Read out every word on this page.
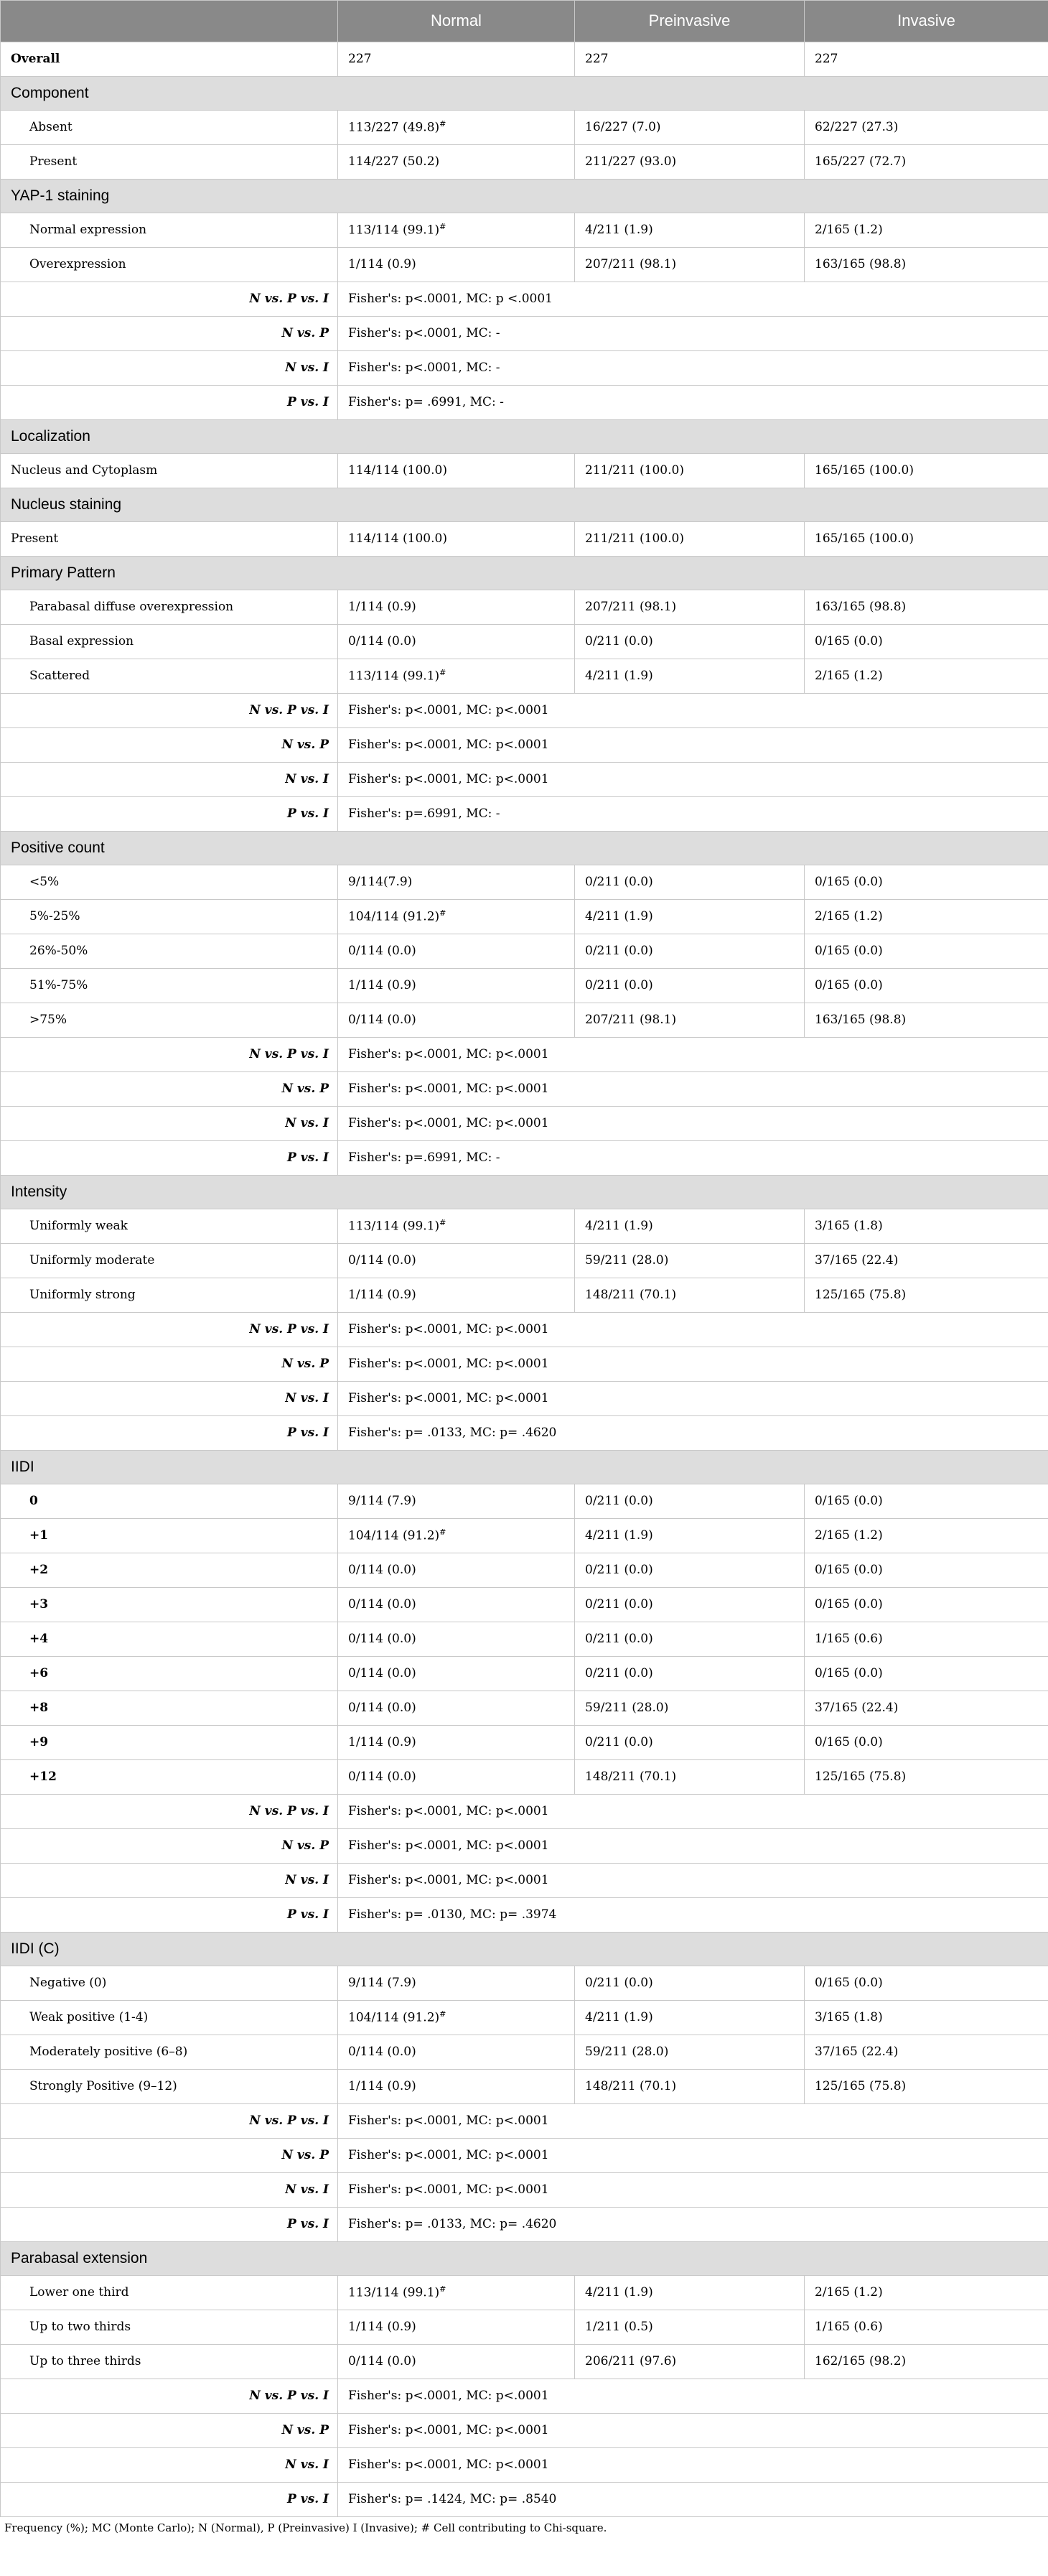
	Normal	Preinvasive	Invasive
Overall	227	227	227
Component			
Absent	113/227 (49.8)#	16/227 (7.0)	62/227 (27.3)
Present	114/227 (50.2)	211/227 (93.0)	165/227 (72.7)
YAP-1 staining			
Normal expression	113/114 (99.1)#	4/211 (1.9)	2/165 (1.2)
Overexpression	1/114 (0.9)	207/211 (98.1)	163/165 (98.8)
N vs. P vs. I	Fisher's: p<.0001, MC: p <.0001		
N vs. P	Fisher's: p<.0001, MC: -		
N vs. I	Fisher's: p<.0001, MC: -		
P vs. I	Fisher's: p= .6991, MC: -		
Localization			
Nucleus and Cytoplasm	114/114 (100.0)	211/211 (100.0)	165/165 (100.0)
Nucleus staining			
Present	114/114 (100.0)	211/211 (100.0)	165/165 (100.0)
Primary Pattern			
Parabasal diffuse overexpression	1/114 (0.9)	207/211 (98.1)	163/165 (98.8)
Basal expression	0/114 (0.0)	0/211 (0.0)	0/165 (0.0)
Scattered	113/114 (99.1)#	4/211 (1.9)	2/165 (1.2)
N vs. P vs. I	Fisher's: p<.0001, MC: p<.0001		
N vs. P	Fisher's: p<.0001, MC: p<.0001		
N vs. I	Fisher's: p<.0001, MC: p<.0001		
P vs. I	Fisher's: p=.6991, MC: -		
Positive count			
<5%	9/114(7.9)	0/211 (0.0)	0/165 (0.0)
5%-25%	104/114 (91.2)#	4/211 (1.9)	2/165 (1.2)
26%-50%	0/114 (0.0)	0/211 (0.0)	0/165 (0.0)
51%-75%	1/114 (0.9)	0/211 (0.0)	0/165 (0.0)
>75%	0/114 (0.0)	207/211 (98.1)	163/165 (98.8)
N vs. P vs. I	Fisher's: p<.0001, MC: p<.0001		
N vs. P	Fisher's: p<.0001, MC: p<.0001		
N vs. I	Fisher's: p<.0001, MC: p<.0001		
P vs. I	Fisher's: p=.6991, MC: -		
Intensity			
Uniformly weak	113/114 (99.1)#	4/211 (1.9)	3/165 (1.8)
Uniformly moderate	0/114 (0.0)	59/211 (28.0)	37/165 (22.4)
Uniformly strong	1/114 (0.9)	148/211 (70.1)	125/165 (75.8)
N vs. P vs. I	Fisher's: p<.0001, MC: p<.0001		
N vs. P	Fisher's: p<.0001, MC: p<.0001		
N vs. I	Fisher's: p<.0001, MC: p<.0001		
P vs. I	Fisher's: p= .0133, MC: p= .4620		
IIDI			
0	9/114 (7.9)	0/211 (0.0)	0/165 (0.0)
+1	104/114 (91.2)#	4/211 (1.9)	2/165 (1.2)
+2	0/114 (0.0)	0/211 (0.0)	0/165 (0.0)
+3	0/114 (0.0)	0/211 (0.0)	0/165 (0.0)
+4	0/114 (0.0)	0/211 (0.0)	1/165 (0.6)
+6	0/114 (0.0)	0/211 (0.0)	0/165 (0.0)
+8	0/114 (0.0)	59/211 (28.0)	37/165 (22.4)
+9	1/114 (0.9)	0/211 (0.0)	0/165 (0.0)
+12	0/114 (0.0)	148/211 (70.1)	125/165 (75.8)
N vs. P vs. I	Fisher's: p<.0001, MC: p<.0001		
N vs. P	Fisher's: p<.0001, MC: p<.0001		
N vs. I	Fisher's: p<.0001, MC: p<.0001		
P vs. I	Fisher's: p= .0130, MC: p= .3974		
IIDI (C)			
Negative (0)	9/114 (7.9)	0/211 (0.0)	0/165 (0.0)
Weak positive (1-4)	104/114 (91.2)#	4/211 (1.9)	3/165 (1.8)
Moderately positive (6–8)	0/114 (0.0)	59/211 (28.0)	37/165 (22.4)
Strongly Positive (9–12)	1/114 (0.9)	148/211 (70.1)	125/165 (75.8)
N vs. P vs. I	Fisher's: p<.0001, MC: p<.0001		
N vs. P	Fisher's: p<.0001, MC: p<.0001		
N vs. I	Fisher's: p<.0001, MC: p<.0001		
P vs. I	Fisher's: p= .0133, MC: p= .4620		
Parabasal extension			
Lower one third	113/114 (99.1)#	4/211 (1.9)	2/165 (1.2)
Up to two thirds	1/114 (0.9)	1/211 (0.5)	1/165 (0.6)
Up to three thirds	0/114 (0.0)	206/211 (97.6)	162/165 (98.2)
N vs. P vs. I	Fisher's: p<.0001, MC: p<.0001		
N vs. P	Fisher's: p<.0001, MC: p<.0001		
N vs. I	Fisher's: p<.0001, MC: p<.0001		
P vs. I	Fisher's: p= .1424, MC: p= .8540		
Frequency (%); MC (Monte Carlo); N (Normal), P (Preinvasive) I (Invasive); # Cell contributing to Chi-square.
